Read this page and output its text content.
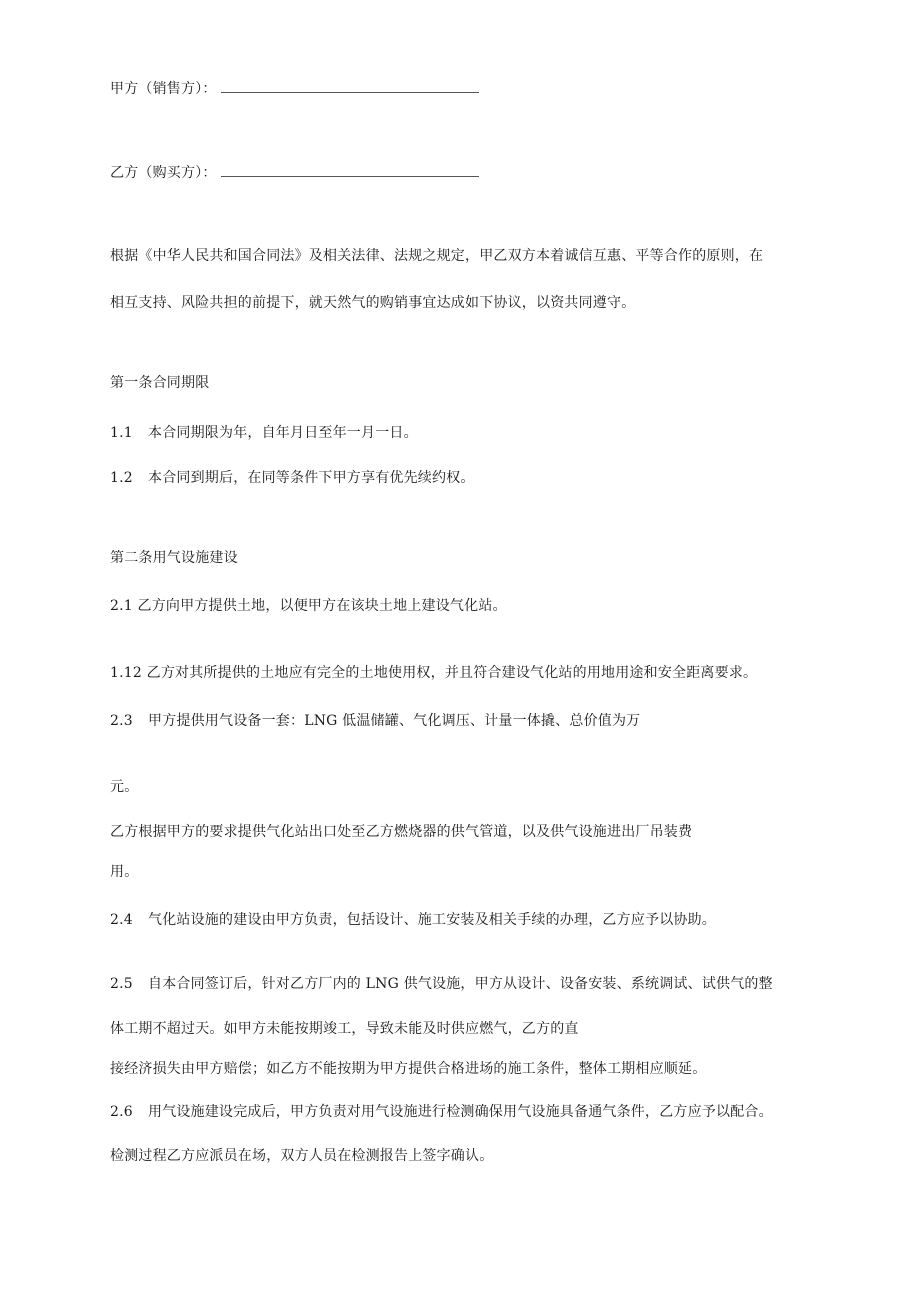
甲方（销售方）：
乙方（购买方）：
根据《中华人民共和国合同法》及相关法律、法规之规定，甲乙双方本着诚信互惠、平等合作的原则，在
相互支持、风险共担的前提下，就天然气的购销事宜达成如下协议，以资共同遵守。
第一条合同期限
1.1 本合同期限为年，自年月日至年一月一日。
1.2 本合同到期后，在同等条件下甲方享有优先续约权。
第二条用气设施建设
2.1 乙方向甲方提供土地，以便甲方在该块土地上建设气化站。
1.12 乙方对其所提供的土地应有完全的土地使用权，并且符合建设气化站的用地用途和安全距离要求。
2.3 甲方提供用气设备一套：LNG 低温储罐、气化调压、计量一体撬、总价值为万
元。
乙方根据甲方的要求提供气化站出口处至乙方燃烧器的供气管道，以及供气设施进出厂吊装费
用。
2.4 气化站设施的建设由甲方负责，包括设计、施工安装及相关手续的办理，乙方应予以协助。
2.5 自本合同签订后，针对乙方厂内的 LNG 供气设施，甲方从设计、设备安装、系统调试、试供气的整
体工期不超过天。如甲方未能按期竣工，导致未能及时供应燃气，乙方的直
接经济损失由甲方赔偿；如乙方不能按期为甲方提供合格进场的施工条件，整体工期相应顺延。
2.6 用气设施建设完成后，甲方负责对用气设施进行检测确保用气设施具备通气条件，乙方应予以配合。
检测过程乙方应派员在场，双方人员在检测报告上签字确认。
